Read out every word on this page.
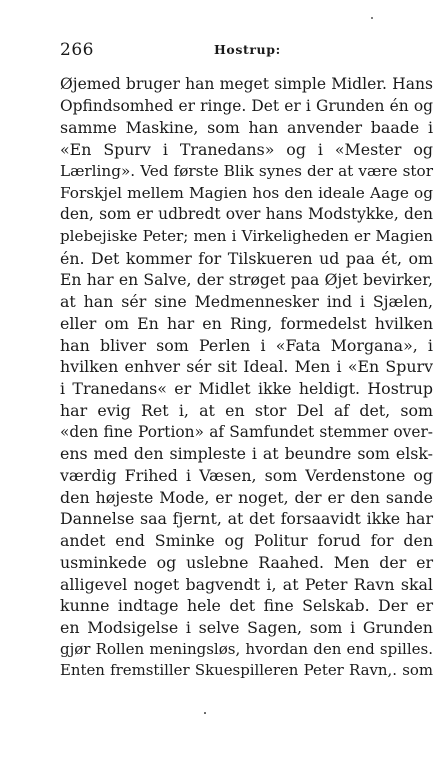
266	Hostrup:
Øjemed bruger han meget simple Midler. Hans
Opfindsomhed er ringe. Det er i Grunden én og
samme Maskine, som han anvender baade i
«En Spurv i Tranedans» og i «Mester og
Lærling». Ved første Blik synes der at være stor
Forskjel mellem Magien hos den ideale Aage og
den, som er udbredt over hans Modstykke, den
plebejiske Peter; men i Virkeligheden er Magien
én. Det kommer for Tilskueren ud paa ét, om
En har en Salve, der strøget paa Øjet bevirker,
at han sér sine Medmennesker ind i Sjælen,
eller om En har en Ring, formedelst hvilken
han bliver som Perlen i «Fata Morgana», i
hvilken enhver sér sit Ideal. Men i «En Spurv
i Tranedans« er Midlet ikke heldigt. Hostrup
har evig Ret i, at en stor Del af det, som
«den fine Portion» af Samfundet stemmer over-
ens med den simpleste i at beundre som elsk-
værdig Frihed i Væsen, som Verdenstone og
den højeste Mode, er noget, der er den sande
Dannelse saa fjernt, at det forsaavidt ikke har
andet end Sminke og Politur forud for den
usminkede og uslebne Raahed. Men der er
alligevel noget bagvendt i, at Peter Ravn skal
kunne indtage hele det fine Selskab. Der er
en Modsigelse i selve Sagen, som i Grunden
gjør Rollen meningsløs, hvordan den end spilles.
Enten fremstiller Skuespilleren Peter Ravn,. som
